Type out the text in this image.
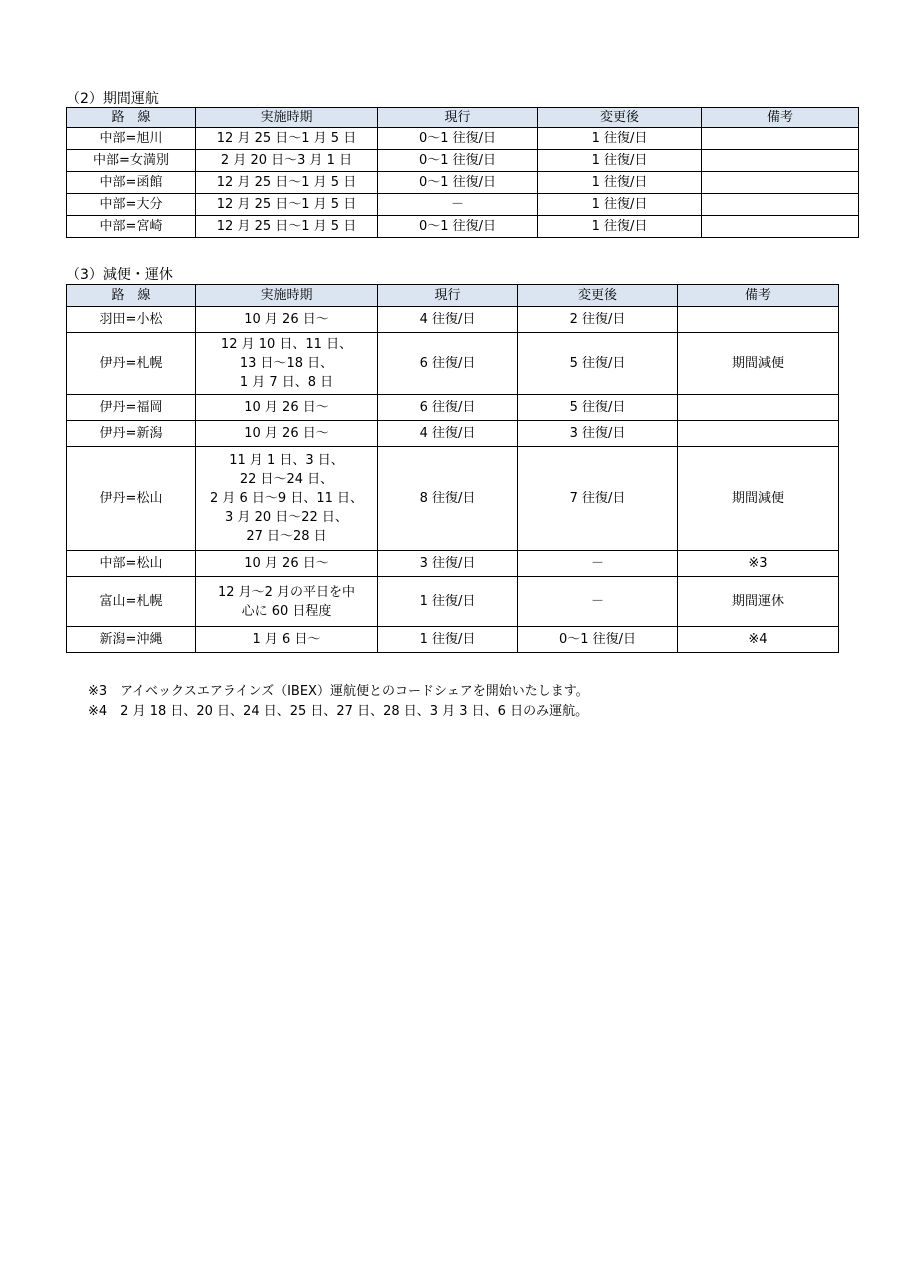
（2）期間運航
路　線	実施時期	現行	変更後	備考
中部=旭川	12 月 25 日～1 月 5 日	0～1 往復/日	1 往復/日	
中部=女満別	2 月 20 日～3 月 1 日	0～1 往復/日	1 往復/日	
中部=函館	12 月 25 日～1 月 5 日	0～1 往復/日	1 往復/日	
中部=大分	12 月 25 日～1 月 5 日	－	1 往復/日	
中部=宮崎	12 月 25 日～1 月 5 日	0～1 往復/日	1 往復/日	
（3）減便・運休
路　線	実施時期	現行	変更後	備考
羽田=小松	10 月 26 日～	4 往復/日	2 往復/日	
伊丹=札幌	12 月 10 日、11 日、
13 日～18 日、
1 月 7 日、8 日	6 往復/日	5 往復/日	期間減便
伊丹=福岡	10 月 26 日～	6 往復/日	5 往復/日	
伊丹=新潟	10 月 26 日～	4 往復/日	3 往復/日	
伊丹=松山	11 月 1 日、3 日、
22 日～24 日、
2 月 6 日～9 日、11 日、
3 月 20 日～22 日、
27 日～28 日	8 往復/日	7 往復/日	期間減便
中部=松山	10 月 26 日～	3 往復/日	－	※3
富山=札幌	12 月～2 月の平日を中
心に 60 日程度	1 往復/日	－	期間運休
新潟=沖縄	1 月 6 日～	1 往復/日	0～1 往復/日	※4
※3　アイベックスエアラインズ（IBEX）運航便とのコードシェアを開始いたします。
※4　2 月 18 日、20 日、24 日、25 日、27 日、28 日、3 月 3 日、6 日のみ運航。
